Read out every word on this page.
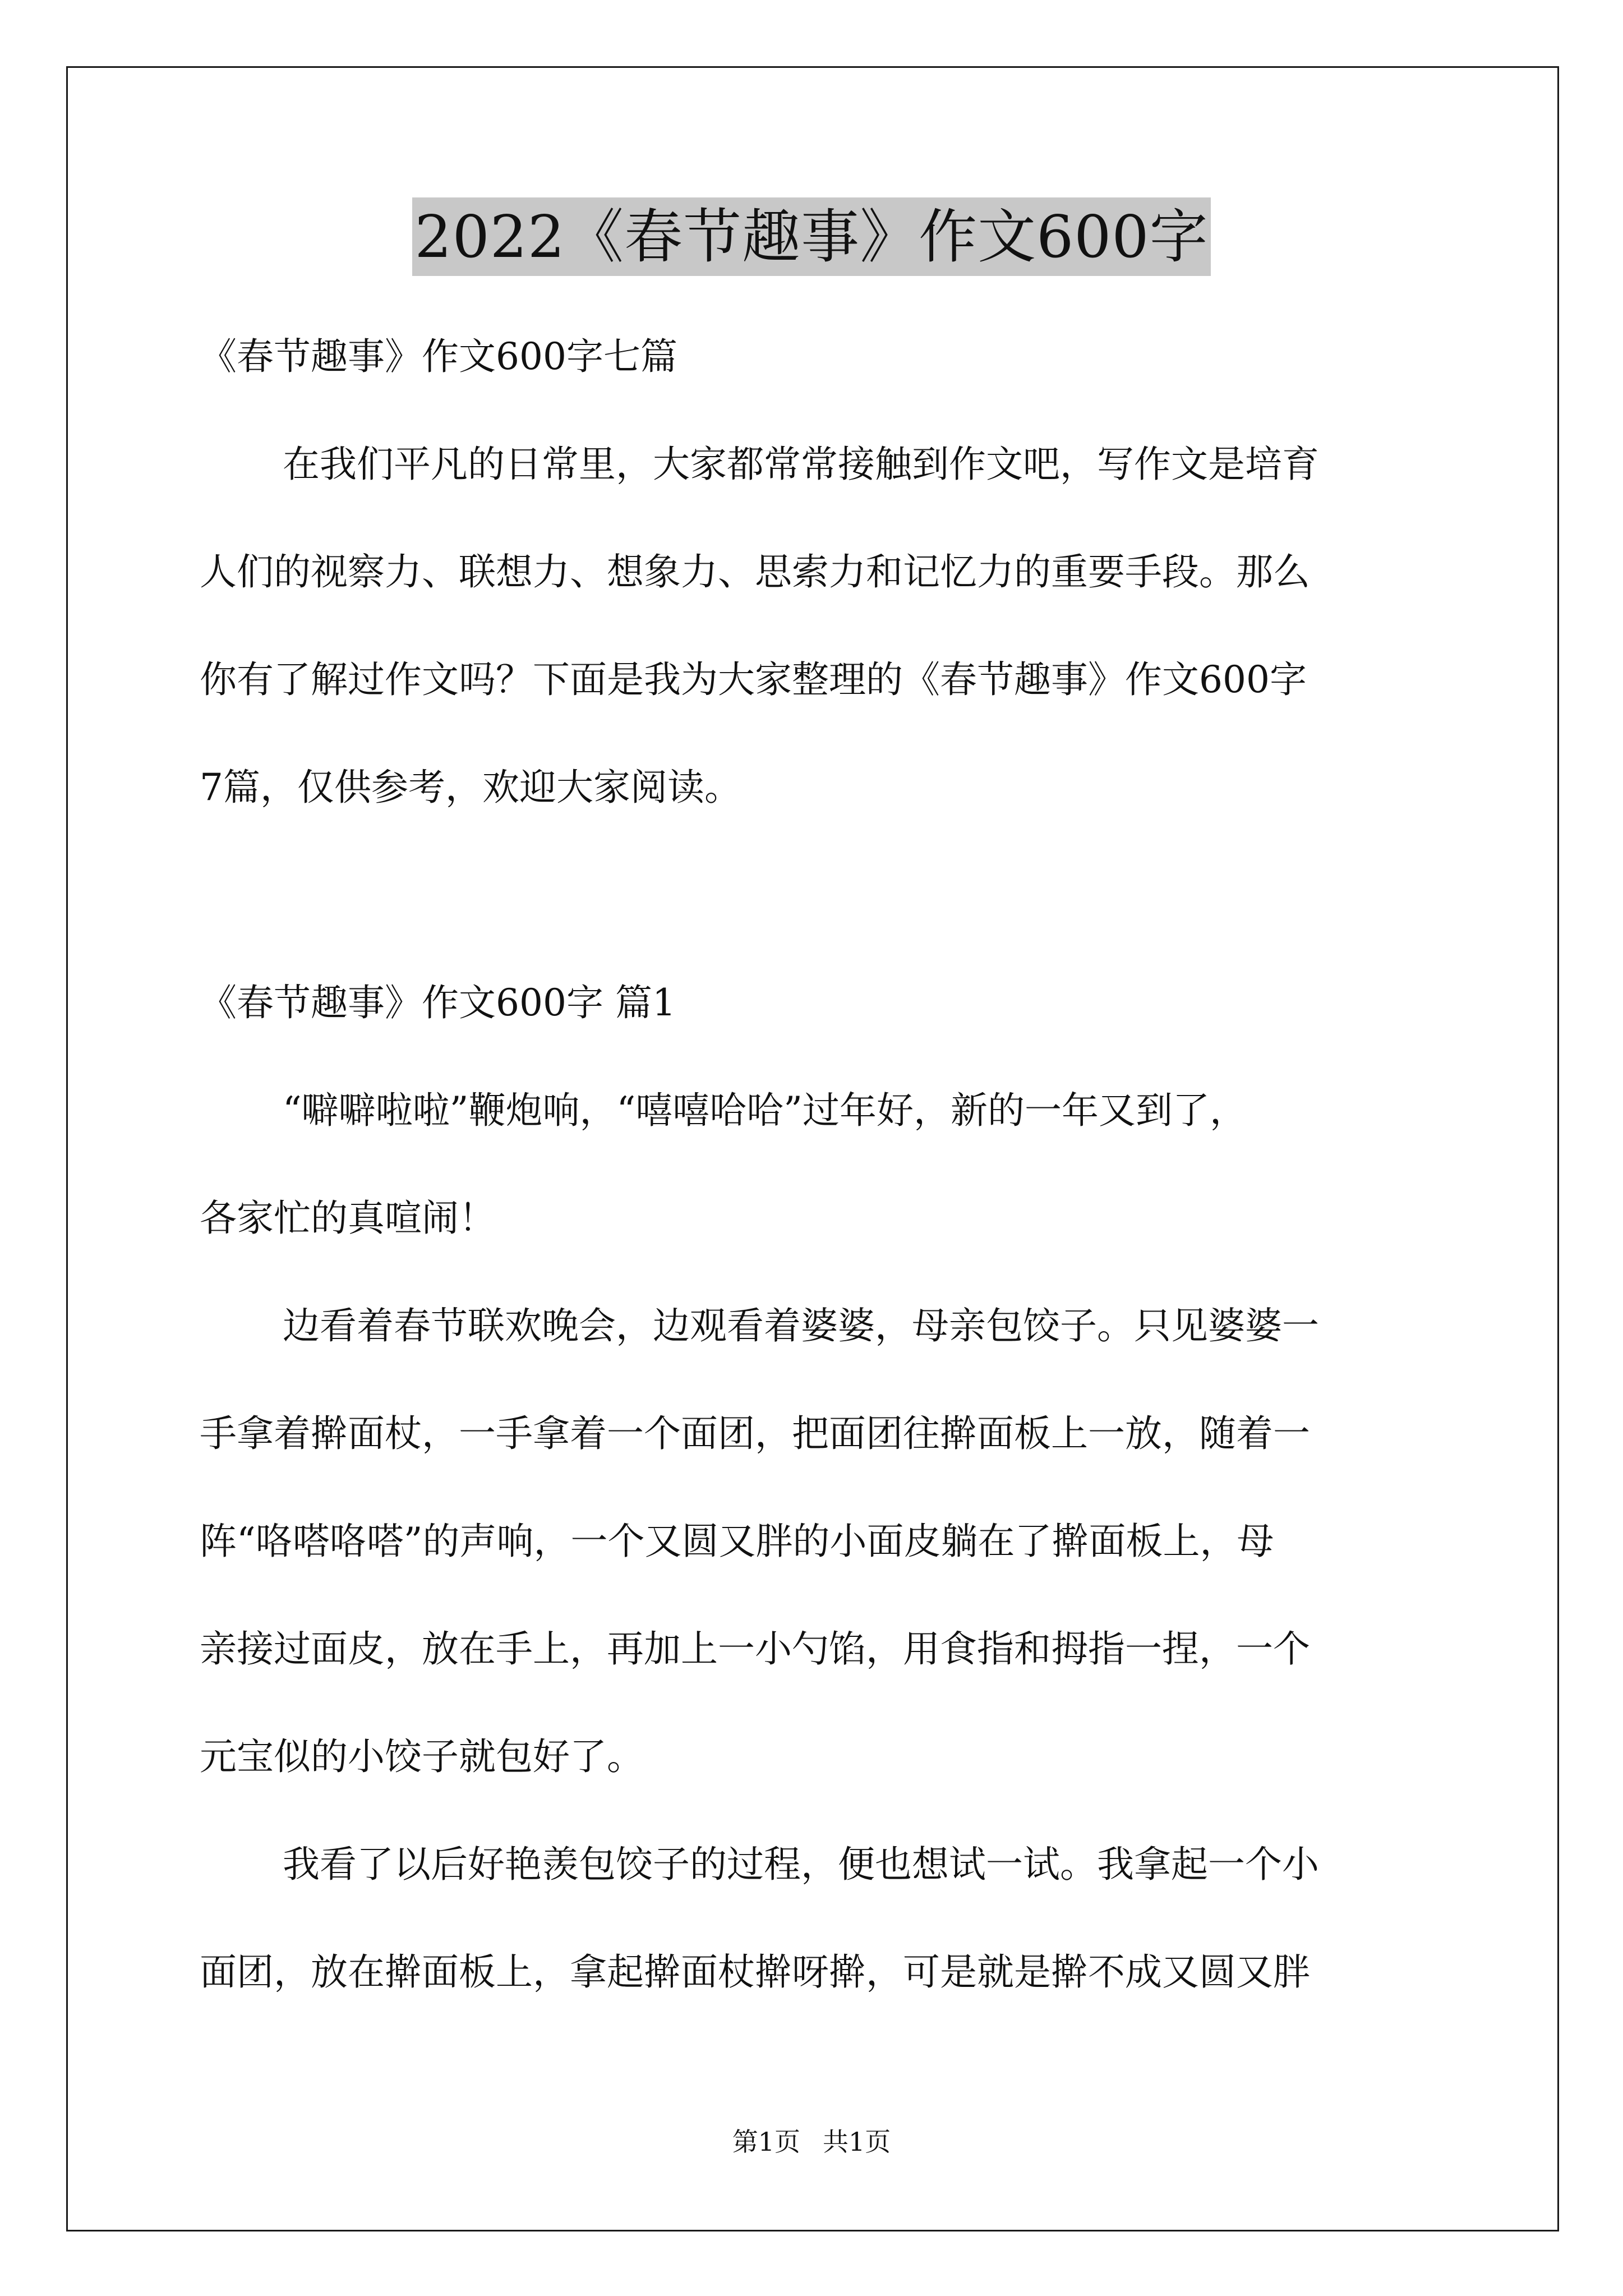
2022《春节趣事》作文600字
《春节趣事》作文600字七篇
在我们平凡的日常里，大家都常常接触到作文吧，写作文是培育
人们的视察力、联想力、想象力、思索力和记忆力的重要手段。那么
你有了解过作文吗？下面是我为大家整理的《春节趣事》作文600字
7篇，仅供参考，欢迎大家阅读。
《春节趣事》作文600字 篇1
“噼噼啦啦”鞭炮响，“嘻嘻哈哈”过年好，新的一年又到了，
各家忙的真喧闹！
边看着春节联欢晚会，边观看着婆婆，母亲包饺子。只见婆婆一
手拿着擀面杖，一手拿着一个面团，把面团往擀面板上一放，随着一
阵“咯嗒咯嗒”的声响，一个又圆又胖的小面皮躺在了擀面板上，母
亲接过面皮，放在手上，再加上一小勺馅，用食指和拇指一捏，一个
元宝似的小饺子就包好了。
我看了以后好艳羡包饺子的过程，便也想试一试。我拿起一个小
面团，放在擀面板上，拿起擀面杖擀呀擀，可是就是擀不成又圆又胖
第1页 共1页
